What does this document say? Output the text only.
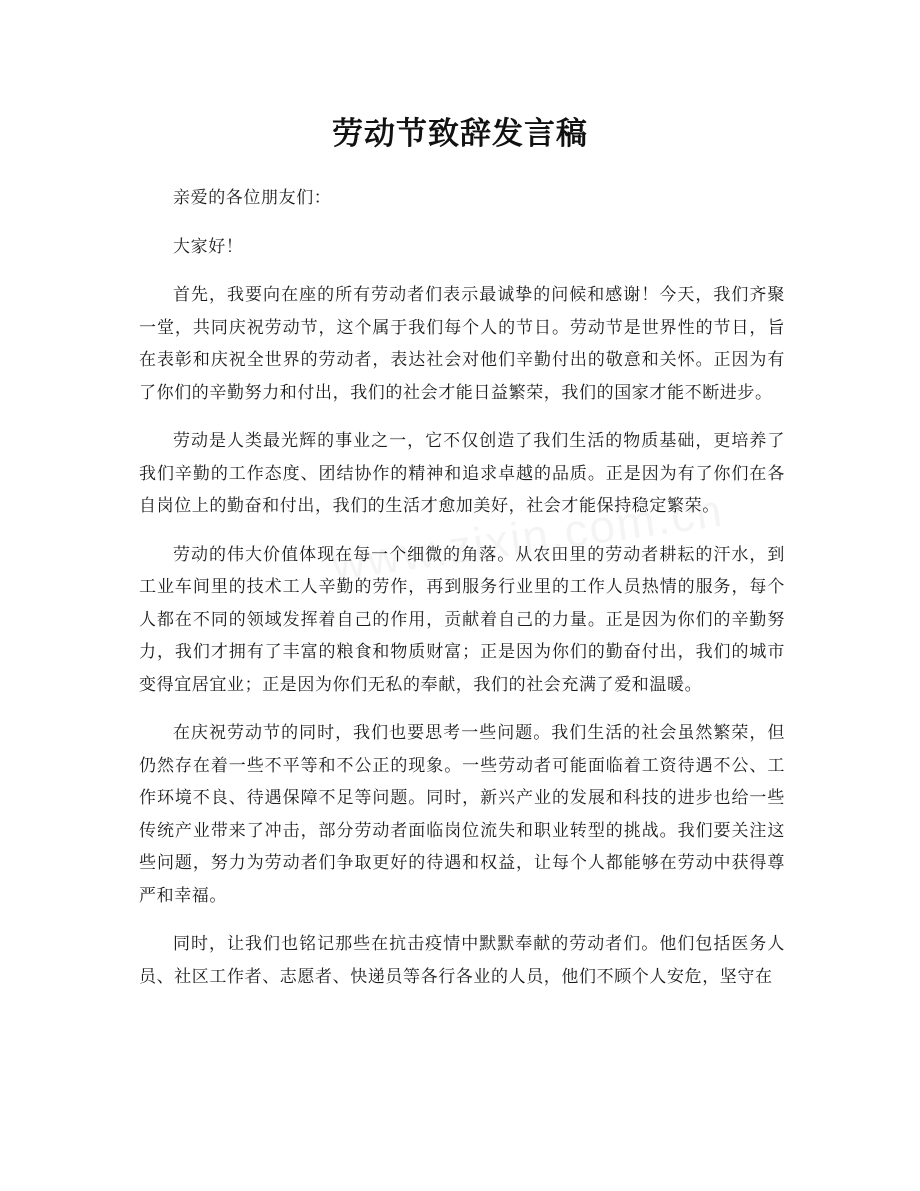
劳动节致辞发言稿

亲爱的各位朋友们：

大家好！

首先，我要向在座的所有劳动者们表示最诚挚的问候和感谢！今天，我们齐聚一堂，共同庆祝劳动节，这个属于我们每个人的节日。劳动节是世界性的节日，旨在表彰和庆祝全世界的劳动者，表达社会对他们辛勤付出的敬意和关怀。正因为有了你们的辛勤努力和付出，我们的社会才能日益繁荣，我们的国家才能不断进步。

劳动是人类最光辉的事业之一，它不仅创造了我们生活的物质基础，更培养了我们辛勤的工作态度、团结协作的精神和追求卓越的品质。正是因为有了你们在各自岗位上的勤奋和付出，我们的生活才愈加美好，社会才能保持稳定繁荣。

劳动的伟大价值体现在每一个细微的角落。从农田里的劳动者耕耘的汗水，到工业车间里的技术工人辛勤的劳作，再到服务行业里的工作人员热情的服务，每个人都在不同的领域发挥着自己的作用，贡献着自己的力量。正是因为你们的辛勤努力，我们才拥有了丰富的粮食和物质财富；正是因为你们的勤奋付出，我们的城市变得宜居宜业；正是因为你们无私的奉献，我们的社会充满了爱和温暖。

在庆祝劳动节的同时，我们也要思考一些问题。我们生活的社会虽然繁荣，但仍然存在着一些不平等和不公正的现象。一些劳动者可能面临着工资待遇不公、工作环境不良、待遇保障不足等问题。同时，新兴产业的发展和科技的进步也给一些传统产业带来了冲击，部分劳动者面临岗位流失和职业转型的挑战。我们要关注这些问题，努力为劳动者们争取更好的待遇和权益，让每个人都能够在劳动中获得尊严和幸福。

同时，让我们也铭记那些在抗击疫情中默默奉献的劳动者们。他们包括医务人员、社区工作者、志愿者、快递员等各行各业的人员，他们不顾个人安危，坚守在
